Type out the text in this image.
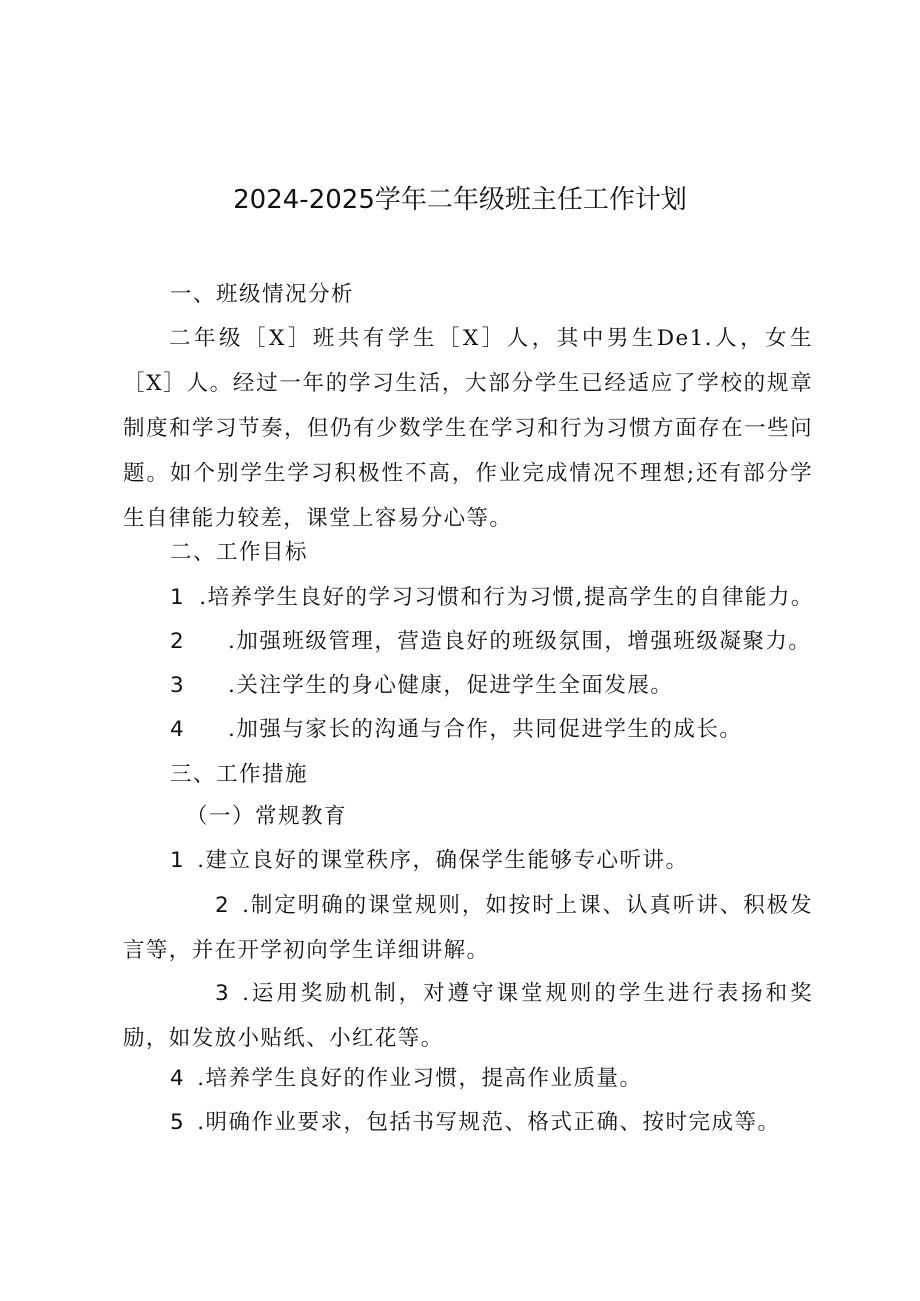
2024-2025学年二年级班主任工作计划
一、班级情况分析
二年级［X］班共有学生［X］人，其中男生De1.人，女生［X］人。经过一年的学习生活，大部分学生已经适应了学校的规章制度和学习节奏，但仍有少数学生在学习和行为习惯方面存在一些问题。如个别学生学习积极性不高，作业完成情况不理想;还有部分学生自律能力较差，课堂上容易分心等。
二、工作目标
1 .培养学生良好的学习习惯和行为习惯,提高学生的自律能力。
2 .加强班级管理，营造良好的班级氛围，增强班级凝聚力。
3 .关注学生的身心健康，促进学生全面发展。
4 .加强与家长的沟通与合作，共同促进学生的成长。
三、工作措施
（一）常规教育
1 .建立良好的课堂秩序，确保学生能够专心听讲。
2 .制定明确的课堂规则，如按时上课、认真听讲、积极发言等，并在开学初向学生详细讲解。
3 .运用奖励机制，对遵守课堂规则的学生进行表扬和奖励，如发放小贴纸、小红花等。
4 .培养学生良好的作业习惯，提高作业质量。
5 .明确作业要求，包括书写规范、格式正确、按时完成等。
